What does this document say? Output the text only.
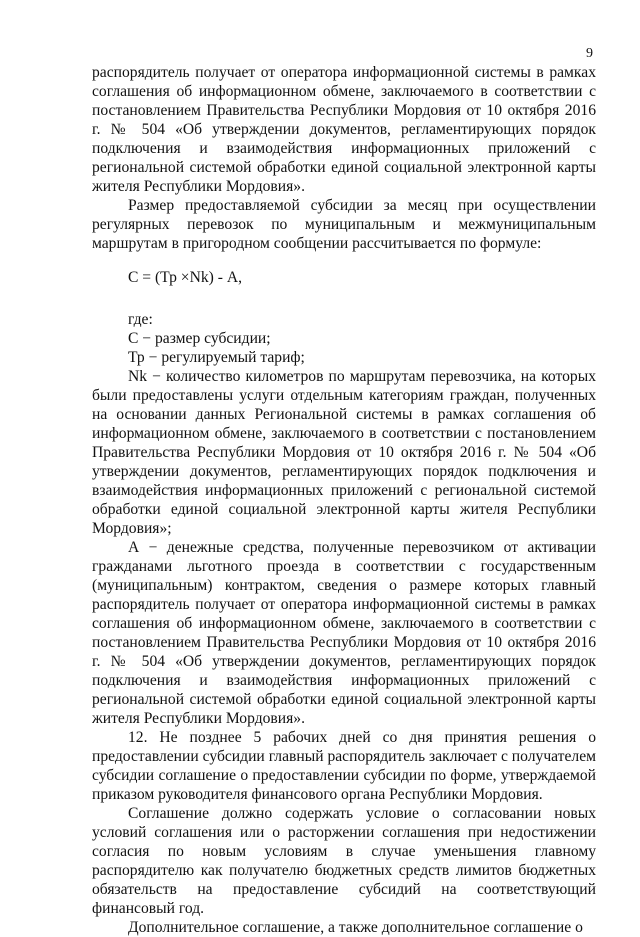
9

распорядитель получает от оператора информационной системы в рамках соглашения об информационном обмене, заключаемого в соответствии с постановлением Правительства Республики Мордовия от 10 октября 2016 г. № 504 «Об утверждении документов, регламентирующих порядок подключения и взаимодействия информационных приложений с региональной системой обработки единой социальной электронной карты жителя Республики Мордовия».

Размер предоставляемой субсидии за месяц при осуществлении регулярных перевозок по муниципальным и межмуниципальным маршрутам в пригородном сообщении рассчитывается по формуле:

С = (Тр ×Nk) - А,

где:

С − размер субсидии;

Тр − регулируемый тариф;

Nk − количество километров по маршрутам перевозчика, на которых были предоставлены услуги отдельным категориям граждан, полученных на основании данных Региональной системы в рамках соглашения об информационном обмене, заключаемого в соответствии с постановлением Правительства Республики Мордовия от 10 октября 2016 г. № 504 «Об утверждении документов, регламентирующих порядок подключения и взаимодействия информационных приложений с региональной системой обработки единой социальной электронной карты жителя Республики Мордовия»;

А − денежные средства, полученные перевозчиком от активации гражданами льготного проезда в соответствии с государственным (муниципальным) контрактом, сведения о размере которых главный распорядитель получает от оператора информационной системы в рамках соглашения об информационном обмене, заключаемого в соответствии с постановлением Правительства Республики Мордовия от 10 октября 2016 г. № 504 «Об утверждении документов, регламентирующих порядок подключения и взаимодействия информационных приложений с региональной системой обработки единой социальной электронной карты жителя Республики Мордовия».

12. Не позднее 5 рабочих дней со дня принятия решения о предоставлении субсидии главный распорядитель заключает с получателем субсидии соглашение о предоставлении субсидии по форме, утверждаемой приказом руководителя финансового органа Республики Мордовия.

Соглашение должно содержать условие о согласовании новых условий соглашения или о расторжении соглашения при недостижении согласия по новым условиям в случае уменьшения главному распорядителю как получателю бюджетных средств лимитов бюджетных обязательств на предоставление субсидий на соответствующий финансовый год.

Дополнительное соглашение, а также дополнительное соглашение о
